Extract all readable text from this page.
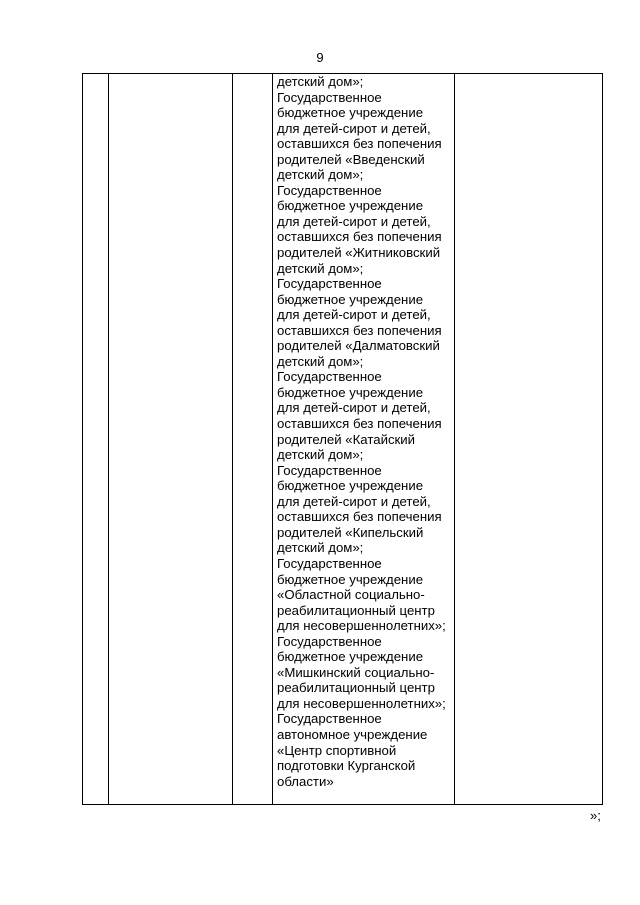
9

детский дом»;
Государственное
бюджетное учреждение
для детей-сирот и детей,
оставшихся без попечения
родителей «Введенский
детский дом»;
Государственное
бюджетное учреждение
для детей-сирот и детей,
оставшихся без попечения
родителей «Житниковский
детский дом»;
Государственное
бюджетное учреждение
для детей-сирот и детей,
оставшихся без попечения
родителей «Далматовский
детский дом»;
Государственное
бюджетное учреждение
для детей-сирот и детей,
оставшихся без попечения
родителей «Катайский
детский дом»;
Государственное
бюджетное учреждение
для детей-сирот и детей,
оставшихся без попечения
родителей «Кипельский
детский дом»;
Государственное
бюджетное учреждение
«Областной социально-
реабилитационный центр
для несовершеннолетних»;
Государственное
бюджетное учреждение
«Мишкинский социально-
реабилитационный центр
для несовершеннолетних»;
Государственное
автономное учреждение
«Центр спортивной
подготовки Курганской
области»

»;
